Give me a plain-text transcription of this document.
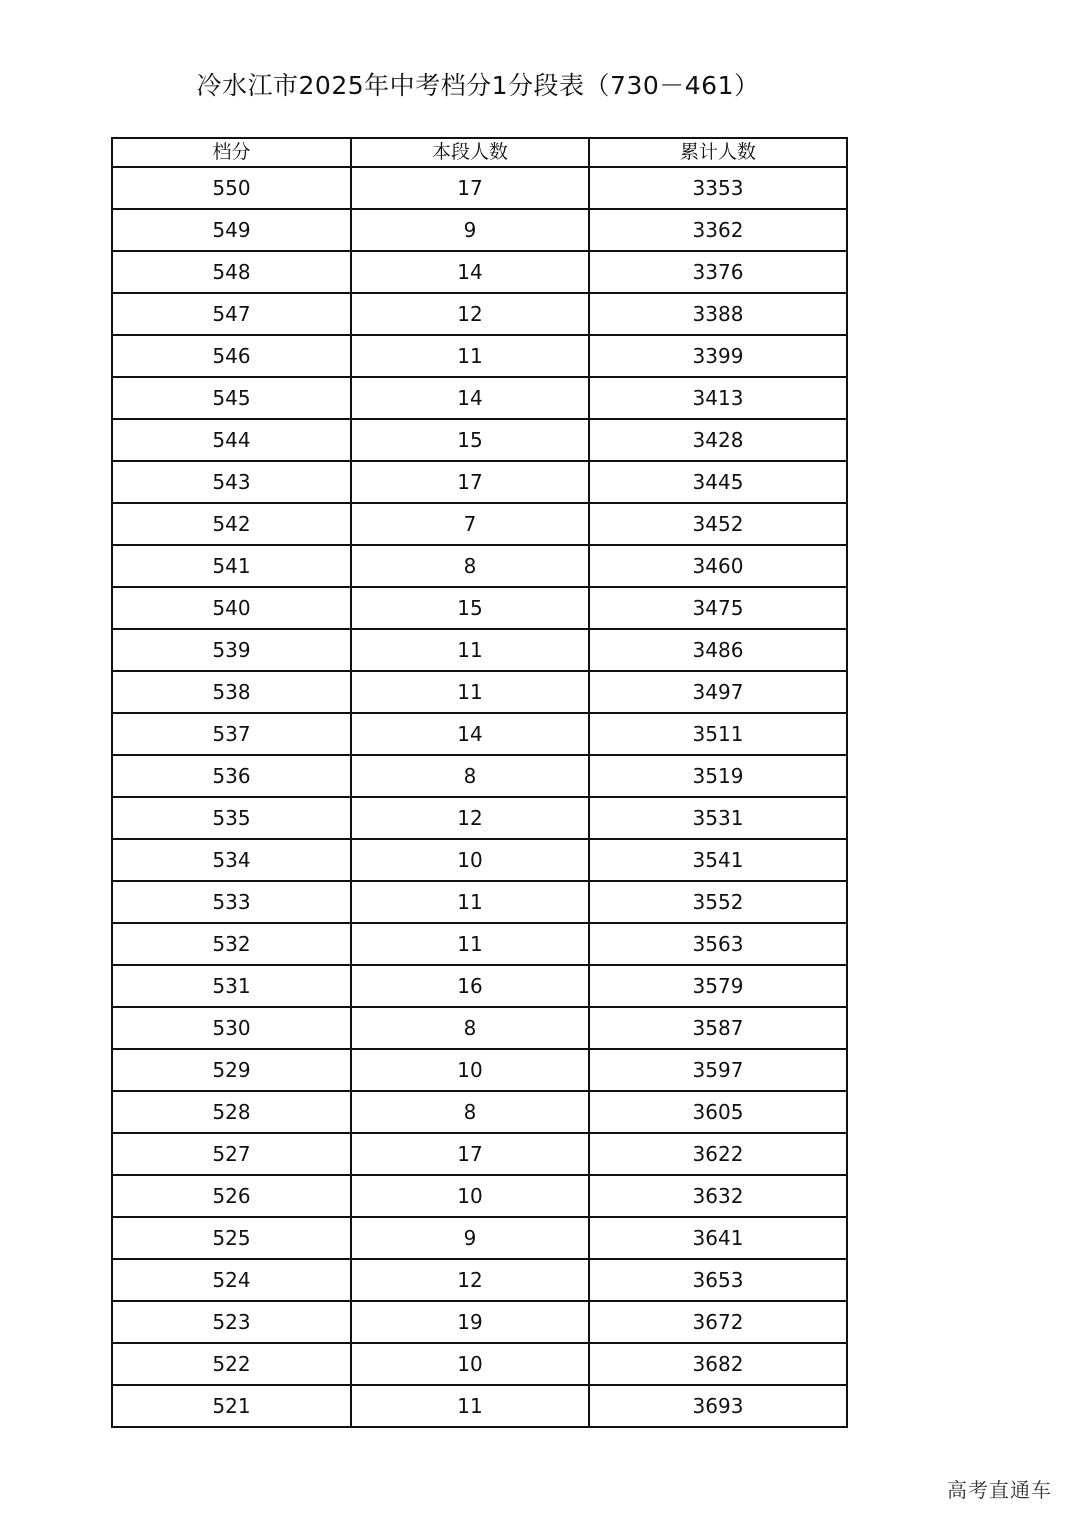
冷水江市2025年中考档分1分段表（730－461）
档分	本段人数	累计人数
550	17	3353
549	9	3362
548	14	3376
547	12	3388
546	11	3399
545	14	3413
544	15	3428
543	17	3445
542	7	3452
541	8	3460
540	15	3475
539	11	3486
538	11	3497
537	14	3511
536	8	3519
535	12	3531
534	10	3541
533	11	3552
532	11	3563
531	16	3579
530	8	3587
529	10	3597
528	8	3605
527	17	3622
526	10	3632
525	9	3641
524	12	3653
523	19	3672
522	10	3682
521	11	3693
高考直通车
